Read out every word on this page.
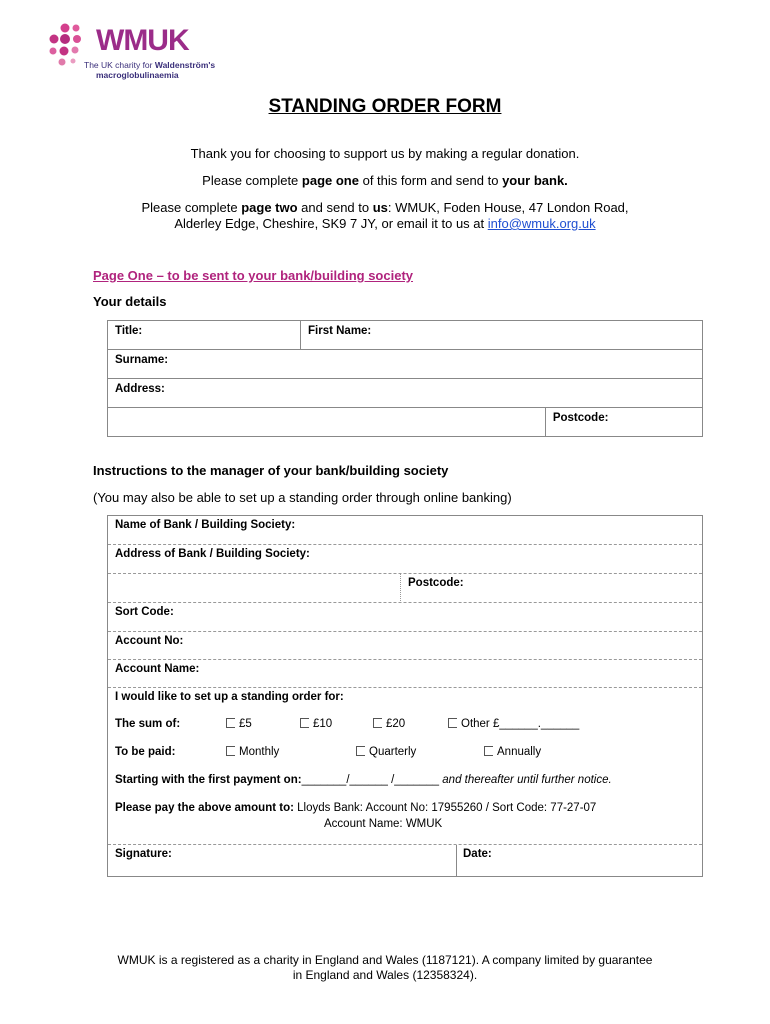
WMUK
The UK charity for Waldenström's
macroglobulinaemia
STANDING ORDER FORM
Thank you for choosing to support us by making a regular donation.
Please complete page one of this form and send to your bank.
Please complete page two and send to us: WMUK, Foden House, 47 London Road,
Alderley Edge, Cheshire, SK9 7 JY, or email it to us at info@wmuk.org.uk
Page One – to be sent to your bank/building society
Your details
Title:	First Name:	
Surname:		
Address:		
		Postcode:
Instructions to the manager of your bank/building society
(You may also be able to set up a standing order through online banking)
Name of Bank / Building Society:
Address of Bank / Building Society:
Postcode:
Sort Code:
Account No:
Account Name:
I would like to set up a standing order for:
The sum of:	£5	£10	£20	Other £______.______
To be paid:	Monthly	Quarterly	Annually
Starting with the first payment on:_______/______ /_______ and thereafter until further notice.
Please pay the above amount to: Lloyds Bank: Account No: 17955260 / Sort Code: 77-27-07
Account Name: WMUK
Signature:	Date:
WMUK is a registered as a charity in England and Wales (1187121). A company limited by guarantee
in England and Wales (12358324).
